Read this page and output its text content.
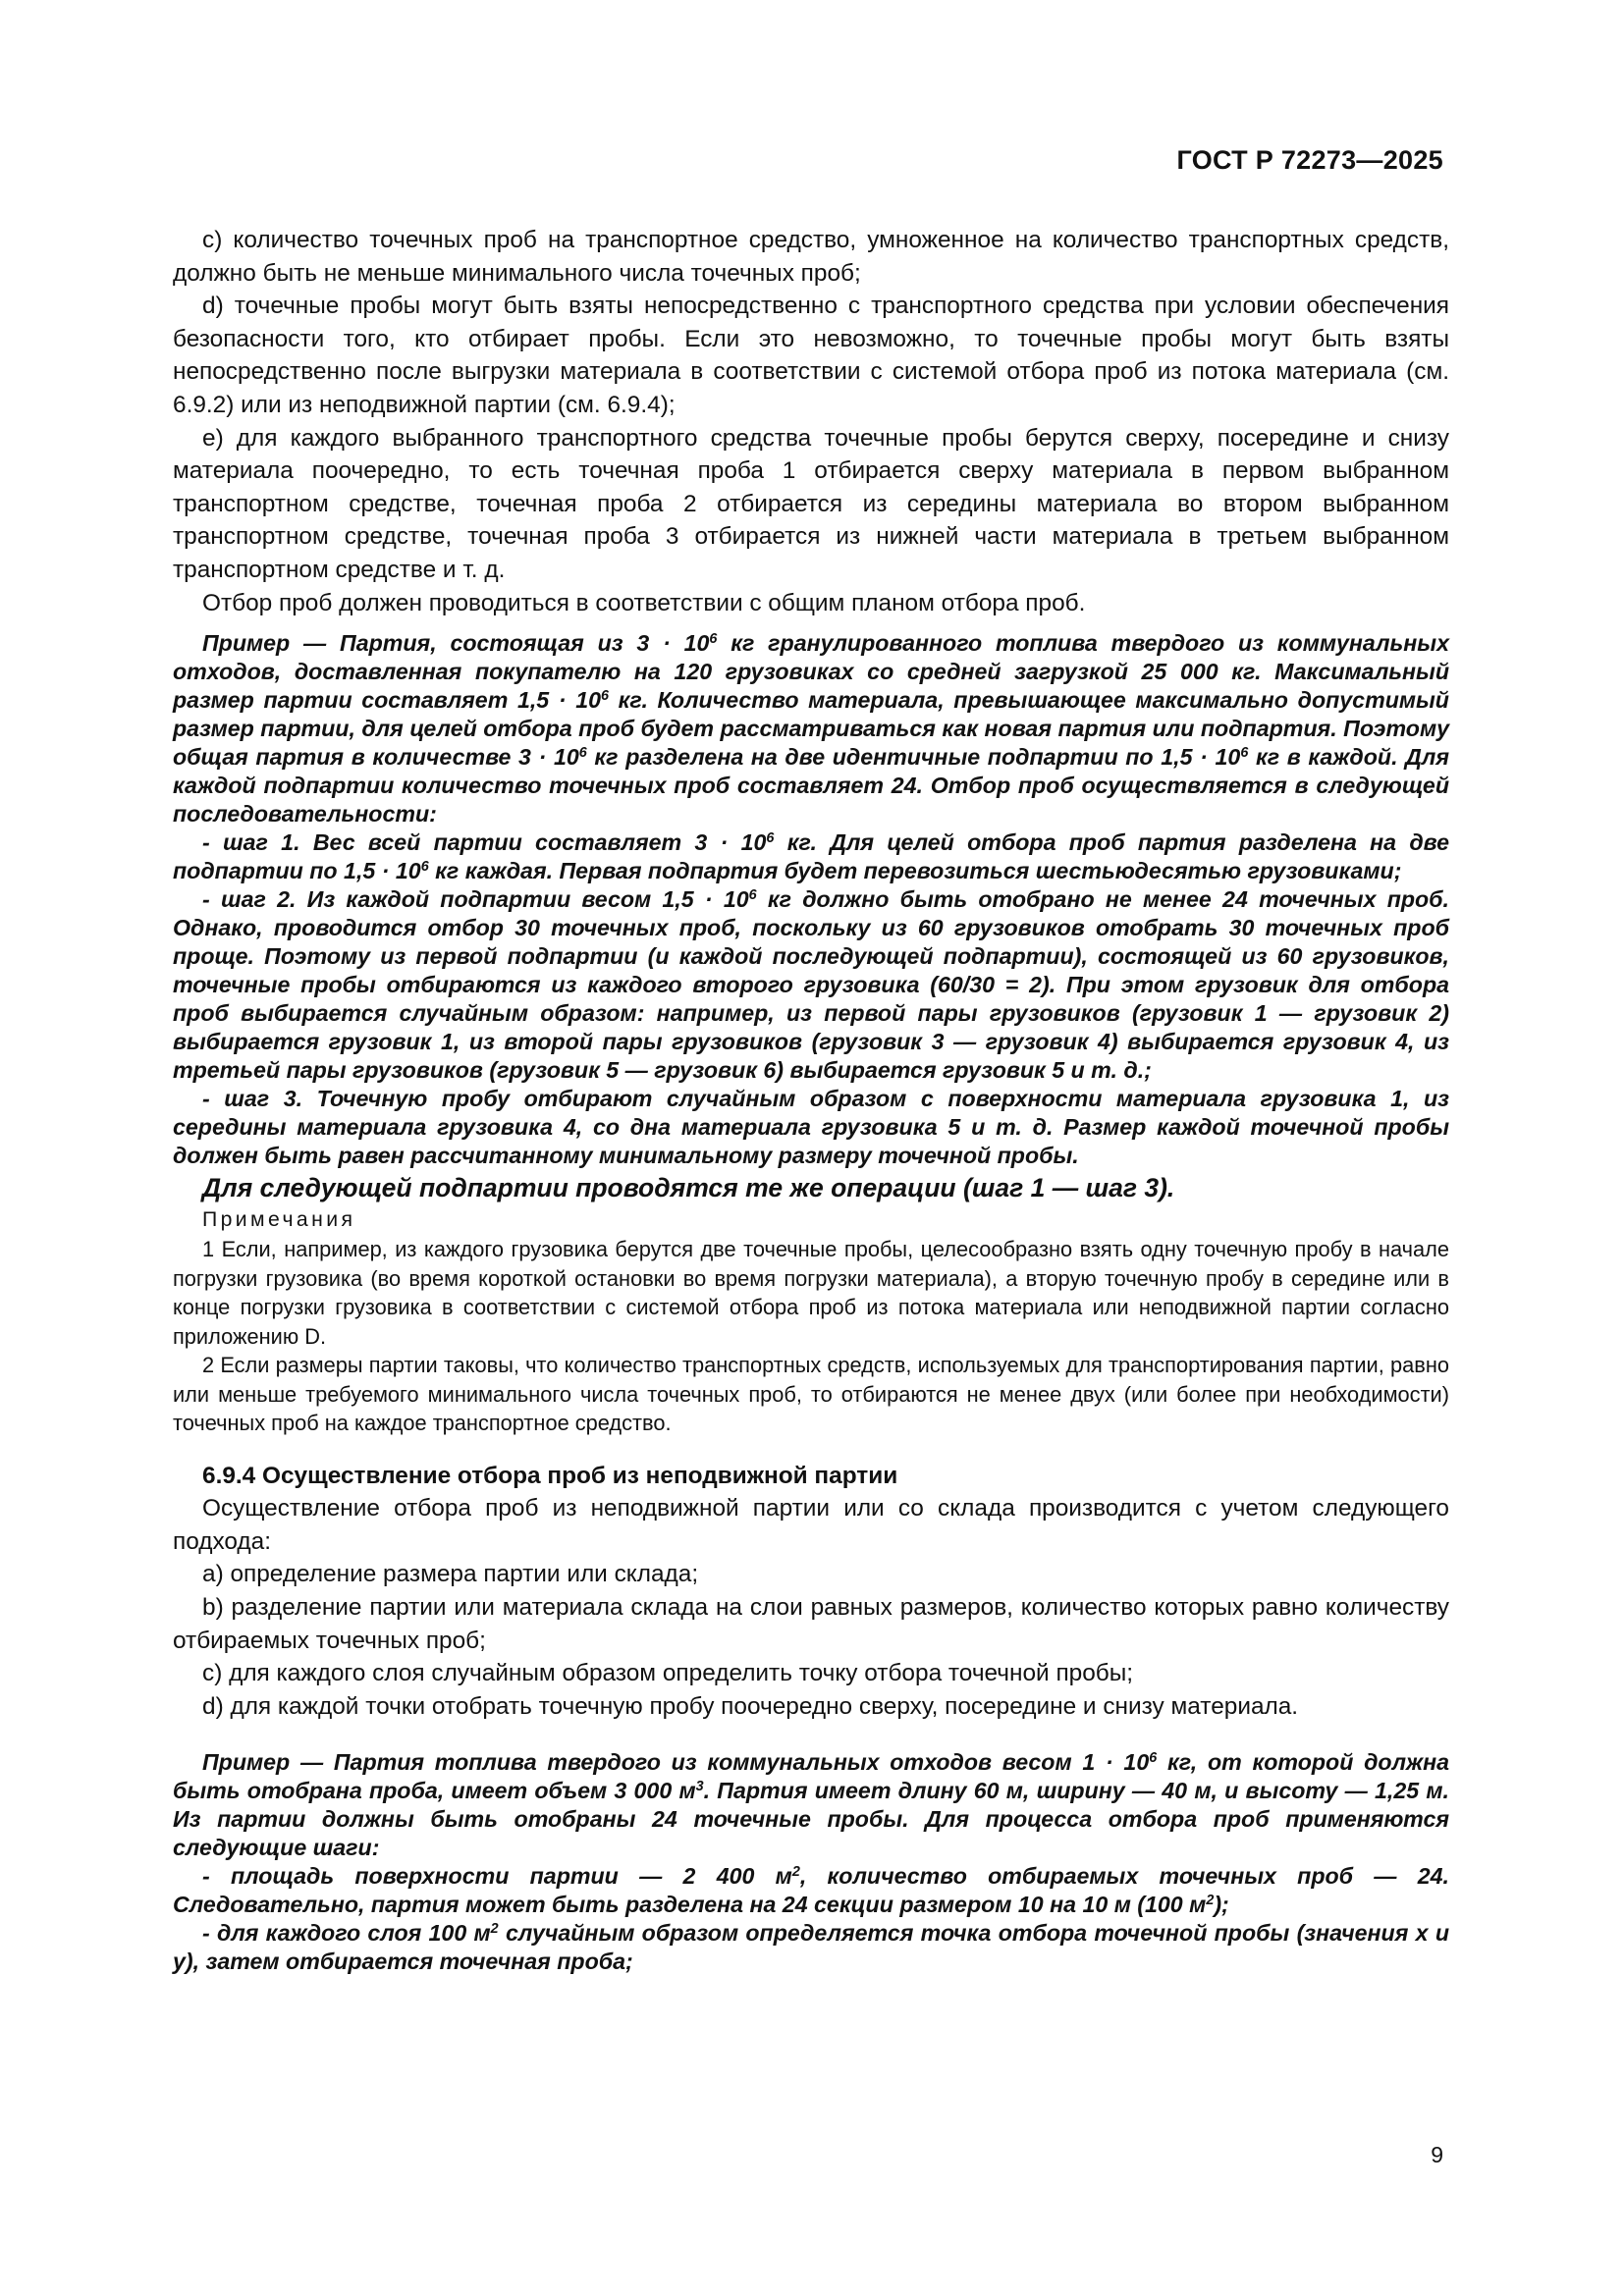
ГОСТ Р 72273—2025

c) количество точечных проб на транспортное средство, умноженное на количество транспортных средств, должно быть не меньше минимального числа точечных проб;

d) точечные пробы могут быть взяты непосредственно с транспортного средства при условии обеспечения безопасности того, кто отбирает пробы. Если это невозможно, то точечные пробы могут быть взяты непосредственно после выгрузки материала в соответствии с системой отбора проб из потока материала (см. 6.9.2) или из неподвижной партии (см. 6.9.4);

e) для каждого выбранного транспортного средства точечные пробы берутся сверху, посередине и снизу материала поочередно, то есть точечная проба 1 отбирается сверху материала в первом выбранном транспортном средстве, точечная проба 2 отбирается из середины материала во втором выбранном транспортном средстве, точечная проба 3 отбирается из нижней части материала в третьем выбранном транспортном средстве и т. д.

Отбор проб должен проводиться в соответствии с общим планом отбора проб.

Пример — Партия, состоящая из $3 \cdot 10^6$ кг гранулированного топлива твердого из коммунальных отходов, доставленная покупателю на 120 грузовиках со средней загрузкой 25 000 кг. Максимальный размер партии составляет $1,5 \cdot 10^6$ кг. Количество материала, превышающее максимально допустимый размер партии, для целей отбора проб будет рассматриваться как новая партия или подпартия. Поэтому общая партия в количестве $3 \cdot 10^6$ кг разделена на две идентичные подпартии по $1,5 \cdot 10^6$ кг в каждой. Для каждой подпартии количество точечных проб составляет 24. Отбор проб осуществляется в следующей последовательности:

- шаг 1. Вес всей партии составляет $3 \cdot 10^6$ кг. Для целей отбора проб партия разделена на две подпартии по $1,5 \cdot 10^6$ кг каждая. Первая подпартия будет перевозиться шестьюдесятью грузовиками;

- шаг 2. Из каждой подпартии весом $1,5 \cdot 10^6$ кг должно быть отобрано не менее 24 точечных проб. Однако, проводится отбор 30 точечных проб, поскольку из 60 грузовиков отобрать 30 точечных проб проще. Поэтому из первой подпартии (и каждой последующей подпартии), состоящей из 60 грузовиков, точечные пробы отбираются из каждого второго грузовика (60/30 = 2). При этом грузовик для отбора проб выбирается случайным образом: например, из первой пары грузовиков (грузовик 1 — грузовик 2) выбирается грузовик 1, из второй пары грузовиков (грузовик 3 — грузовик 4) выбирается грузовик 4, из третьей пары грузовиков (грузовик 5 — грузовик 6) выбирается грузовик 5 и т. д.;

- шаг 3. Точечную пробу отбирают случайным образом с поверхности материала грузовика 1, из середины материала грузовика 4, со дна материала грузовика 5 и т. д. Размер каждой точечной пробы должен быть равен рассчитанному минимальному размеру точечной пробы.

Для следующей подпартии проводятся те же операции (шаг 1 — шаг 3).

Примечания

1 Если, например, из каждого грузовика берутся две точечные пробы, целесообразно взять одну точечную пробу в начале погрузки грузовика (во время короткой остановки во время погрузки материала), а вторую точечную пробу в середине или в конце погрузки грузовика в соответствии с системой отбора проб из потока материала или неподвижной партии согласно приложению D.

2 Если размеры партии таковы, что количество транспортных средств, используемых для транспортирования партии, равно или меньше требуемого минимального числа точечных проб, то отбираются не менее двух (или более при необходимости) точечных проб на каждое транспортное средство.

6.9.4 Осуществление отбора проб из неподвижной партии

Осуществление отбора проб из неподвижной партии или со склада производится с учетом следующего подхода:

a) определение размера партии или склада;

b) разделение партии или материала склада на слои равных размеров, количество которых равно количеству отбираемых точечных проб;

c) для каждого слоя случайным образом определить точку отбора точечной пробы;

d) для каждой точки отобрать точечную пробу поочередно сверху, посередине и снизу материала.

Пример — Партия топлива твердого из коммунальных отходов весом $1 \cdot 10^6$ кг, от которой должна быть отобрана проба, имеет объем 3 000 $м^3$. Партия имеет длину 60 м, ширину — 40 м, и высоту — 1,25 м. Из партии должны быть отобраны 24 точечные пробы. Для процесса отбора проб применяются следующие шаги:

- площадь поверхности партии — 2 400 $м^2$, количество отбираемых точечных проб — 24. Следовательно, партия может быть разделена на 24 секции размером 10 на 10 м (100 $м^2$);

- для каждого слоя 100 $м^2$ случайным образом определяется точка отбора точечной пробы (значения x и y), затем отбирается точечная проба;

9
